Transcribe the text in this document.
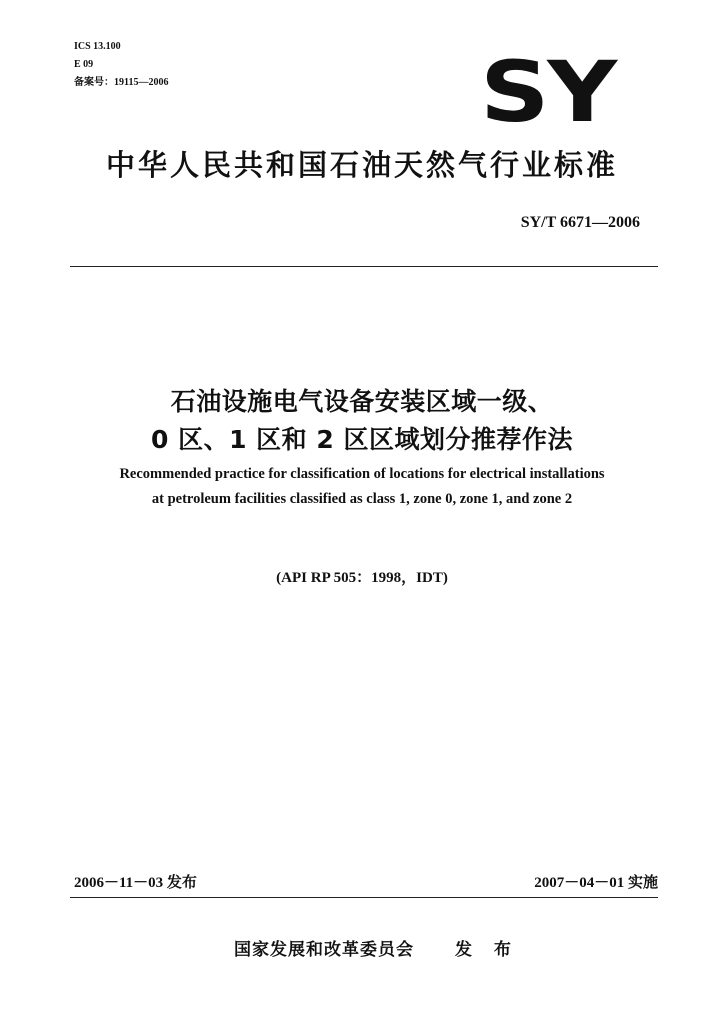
ICS 13.100
E 09
备案号：19115—2006	SY
中华人民共和国石油天然气行业标准
SY/T 6671—2006
石油设施电气设备安装区域一级、
0 区、1 区和 2 区区域划分推荐作法
Recommended practice for classification of locations for electrical installations
at petroleum facilities classified as class 1, zone 0, zone 1, and zone 2
(API RP 505：1998，IDT)
2006－11－03 发布	2007－04－01 实施
国家发展和改革委员会 发 布
